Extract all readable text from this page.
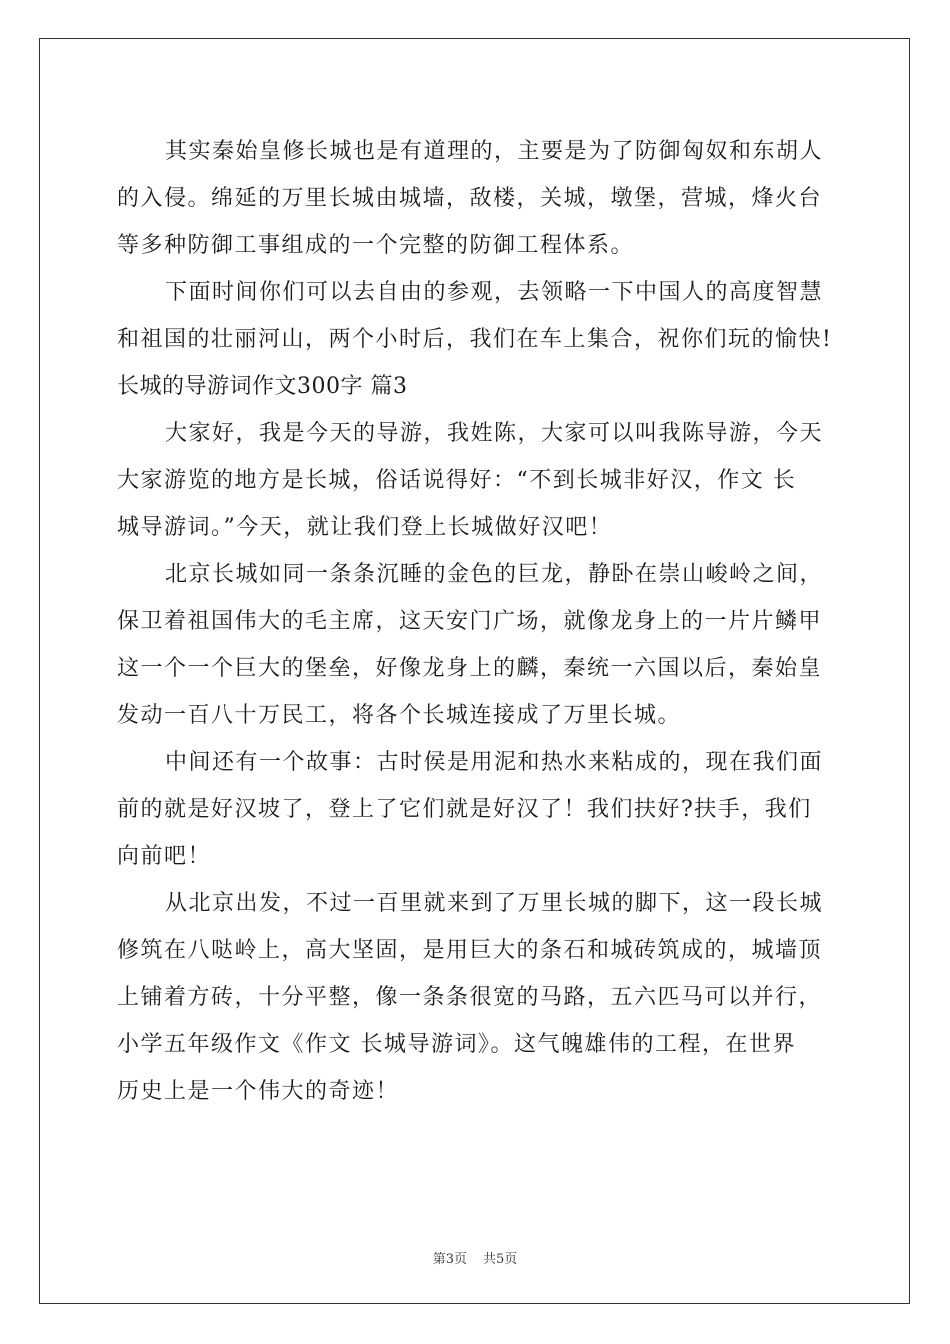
其实秦始皇修长城也是有道理的，主要是为了防御匈奴和东胡人
的入侵。绵延的万里长城由城墙，敌楼，关城，墩堡，营城，烽火台
等多种防御工事组成的一个完整的防御工程体系。
下面时间你们可以去自由的参观，去领略一下中国人的高度智慧
和祖国的壮丽河山，两个小时后，我们在车上集合，祝你们玩的愉快!
长城的导游词作文300字 篇3
大家好，我是今天的导游，我姓陈，大家可以叫我陈导游，今天
大家游览的地方是长城，俗话说得好：“不到长城非好汉，作文 长
城导游词。”今天，就让我们登上长城做好汉吧！
北京长城如同一条条沉睡的金色的巨龙，静卧在崇山峻岭之间，
保卫着祖国伟大的毛主席，这天安门广场，就像龙身上的一片片鳞甲
这一个一个巨大的堡垒，好像龙身上的麟，秦统一六国以后，秦始皇
发动一百八十万民工，将各个长城连接成了万里长城。
中间还有一个故事：古时侯是用泥和热水来粘成的，现在我们面
前的就是好汉坡了，登上了它们就是好汉了！我们扶好?扶手，我们
向前吧！
从北京出发，不过一百里就来到了万里长城的脚下，这一段长城
修筑在八哒岭上，高大坚固，是用巨大的条石和城砖筑成的，城墙顶
上铺着方砖，十分平整，像一条条很宽的马路，五六匹马可以并行，
小学五年级作文《作文 长城导游词》。这气魄雄伟的工程，在世界
历史上是一个伟大的奇迹！
第3页 共5页
